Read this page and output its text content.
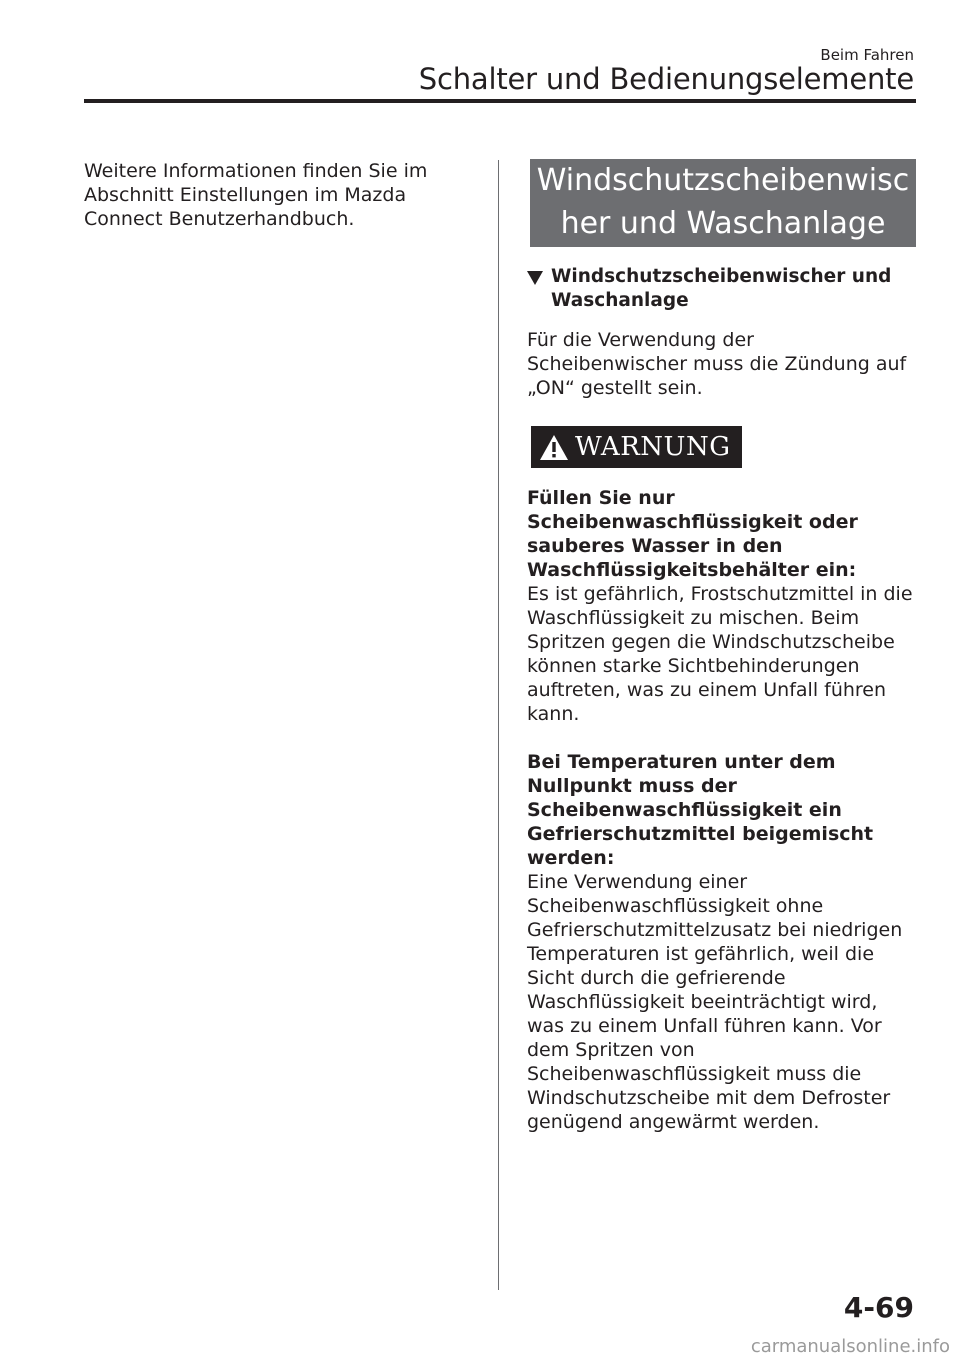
Beim Fahren
Schalter und Bedienungselemente
Weitere Informationen finden Sie im Abschnitt Einstellungen im Mazda Connect Benutzerhandbuch.
Windschutzscheibenwisc
her und Waschanlage
Windschutzscheibenwischer und Waschanlage
Für die Verwendung der Scheibenwischer muss die Zündung auf „ON“ gestellt sein.
WARNUNG
Füllen Sie nur Scheibenwaschflüssigkeit oder sauberes Wasser in den Waschflüssigkeitsbehälter ein:
Es ist gefährlich, Frostschutzmittel in die Waschflüssigkeit zu mischen. Beim Spritzen gegen die Windschutzscheibe können starke Sichtbehinderungen auftreten, was zu einem Unfall führen kann.
Bei Temperaturen unter dem Nullpunkt muss der Scheibenwaschflüssigkeit ein Gefrierschutzmittel beigemischt werden:
Eine Verwendung einer Scheibenwaschflüssigkeit ohne Gefrierschutzmittelzusatz bei niedrigen Temperaturen ist gefährlich, weil die Sicht durch die gefrierende Waschflüssigkeit beeinträchtigt wird, was zu einem Unfall führen kann. Vor dem Spritzen von Scheibenwaschflüssigkeit muss die Windschutzscheibe mit dem Defroster genügend angewärmt werden.
4-69
carmanualsonline.info
